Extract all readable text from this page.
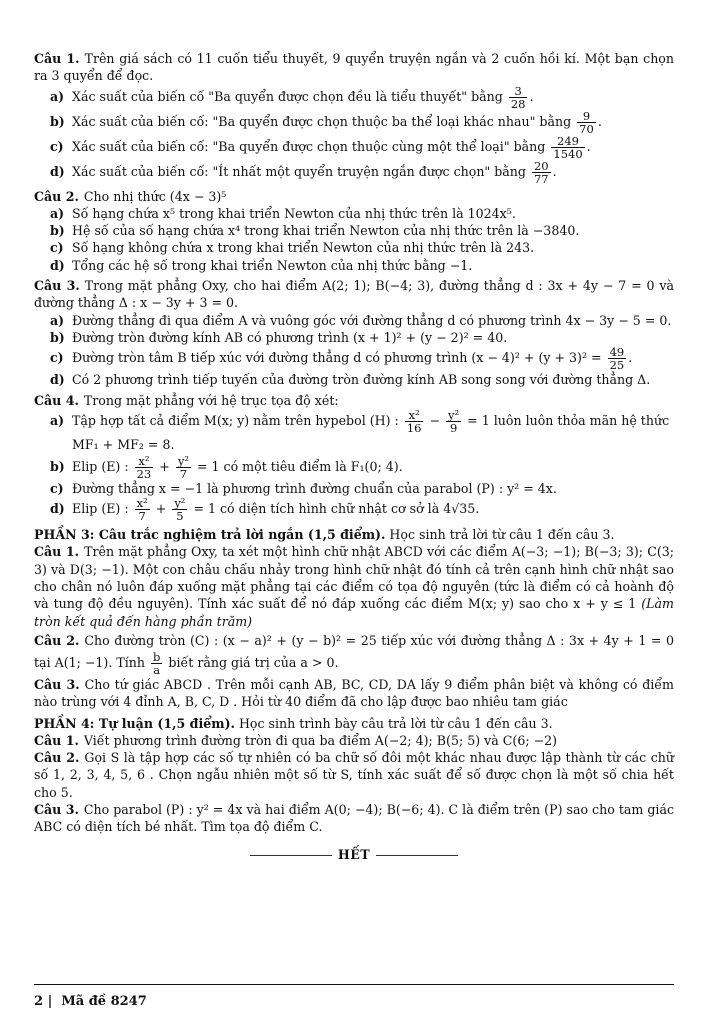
Câu 1. Trên giá sách có 11 cuốn tiểu thuyết, 9 quyển truyện ngắn và 2 cuốn hồi kí. Một bạn chọn ra 3 quyển để đọc.
a) Xác suất của biến cố "Ba quyển được chọn đều là tiểu thuyết" bằng $\frac{3}{28}$ .
b) Xác suất của biến cố: "Ba quyển được chọn thuộc ba thể loại khác nhau" bằng $\frac{9}{70}$ .
c) Xác suất của biến cố: "Ba quyển được chọn thuộc cùng một thể loại" bằng $\frac{249}{1540}$ .
d) Xác suất của biến cố: "Ít nhất một quyển truyện ngắn được chọn" bằng $\frac{20}{77}$ .
Câu 2. Cho nhị thức (4x − 3)⁵
a) Số hạng chứa x⁵ trong khai triển Newton của nhị thức trên là 1024x⁵.
b) Hệ số của số hạng chứa x⁴ trong khai triển Newton của nhị thức trên là −3840.
c) Số hạng không chứa x trong khai triển Newton của nhị thức trên là 243.
d) Tổng các hệ số trong khai triển Newton của nhị thức bằng −1.
Câu 3. Trong mặt phẳng Oxy, cho hai điểm A(2; 1); B(−4; 3), đường thẳng d : 3x + 4y − 7 = 0 và đường thẳng Δ : x − 3y + 3 = 0.
a) Đường thẳng đi qua điểm A và vuông góc với đường thẳng d có phương trình 4x − 3y − 5 = 0.
b) Đường tròn đường kính AB có phương trình (x + 1)² + (y − 2)² = 40.
c) Đường tròn tâm B tiếp xúc với đường thẳng d có phương trình $(x - 4)^2 + (y + 3)^2 = \frac{49}{25}$ .
d) Có 2 phương trình tiếp tuyến của đường tròn đường kính AB song song với đường thẳng Δ.
Câu 4. Trong mặt phẳng với hệ trục tọa độ xét:
a) Tập hợp tất cả điểm M(x; y) nằm trên hypebol (H) : $\frac{\text{x²}}{16} - \frac{\text{y²}}{9} = 1$ luôn luôn thỏa mãn hệ thức
MF₁ + MF₂ = 8.
b) Elip (E) : $\frac{\text{x²}}{23} + \frac{\text{y²}}{7} = 1$ có một tiêu điểm là F₁(0; 4).
c) Đường thẳng x = −1 là phương trình đường chuẩn của parabol (P) : y² = 4x.
d) Elip (E) : $\frac{\text{x²}}{7} + \frac{\text{y²}}{5} = 1$ có diện tích hình chữ nhật cơ sở là 4√35.
PHẦN 3: Câu trắc nghiệm trả lời ngắn (1,5 điểm). Học sinh trả lời từ câu 1 đến câu 3.
Câu 1. Trên mặt phẳng Oxy, ta xét một hình chữ nhật ABCD với các điểm A(−3; −1); B(−3; 3); C(3; 3) và D(3; −1). Một con châu chấu nhảy trong hình chữ nhật đó tính cả trên cạnh hình chữ nhật sao cho chân nó luôn đáp xuống mặt phẳng tại các điểm có tọa độ nguyên (tức là điểm có cả hoành độ và tung độ đều nguyên). Tính xác suất để nó đáp xuống các điểm M(x; y) sao cho x + y ≤ 1 (Làm tròn kết quả đến hàng phần trăm)
Câu 2. Cho đường tròn (C) : (x − a)² + (y − b)² = 25 tiếp xúc với đường thẳng Δ : 3x + 4y + 1 = 0 tại A(1; −1). Tính $\frac{b}{a}$ biết rằng giá trị của a > 0.
Câu 3. Cho tứ giác ABCD . Trên mỗi cạnh AB, BC, CD, DA lấy 9 điểm phân biệt và không có điểm nào trùng với 4 đỉnh A, B, C, D . Hỏi từ 40 điểm đã cho lập được bao nhiêu tam giác
PHẦN 4: Tự luận (1,5 điểm). Học sinh trình bày câu trả lời từ câu 1 đến câu 3.
Câu 1. Viết phương trình đường tròn đi qua ba điểm A(−2; 4); B(5; 5) và C(6; −2)
Câu 2. Gọi S là tập hợp các số tự nhiên có ba chữ số đôi một khác nhau được lập thành từ các chữ số 1, 2, 3, 4, 5, 6 . Chọn ngẫu nhiên một số từ S, tính xác suất để số được chọn là một số chia hết cho 5.
Câu 3. Cho parabol (P) : y² = 4x và hai điểm A(0; −4); B(−6; 4). C là điểm trên (P) sao cho tam giác ABC có diện tích bé nhất. Tìm tọa độ điểm C.
HẾT
2 | Mã đề 8247
